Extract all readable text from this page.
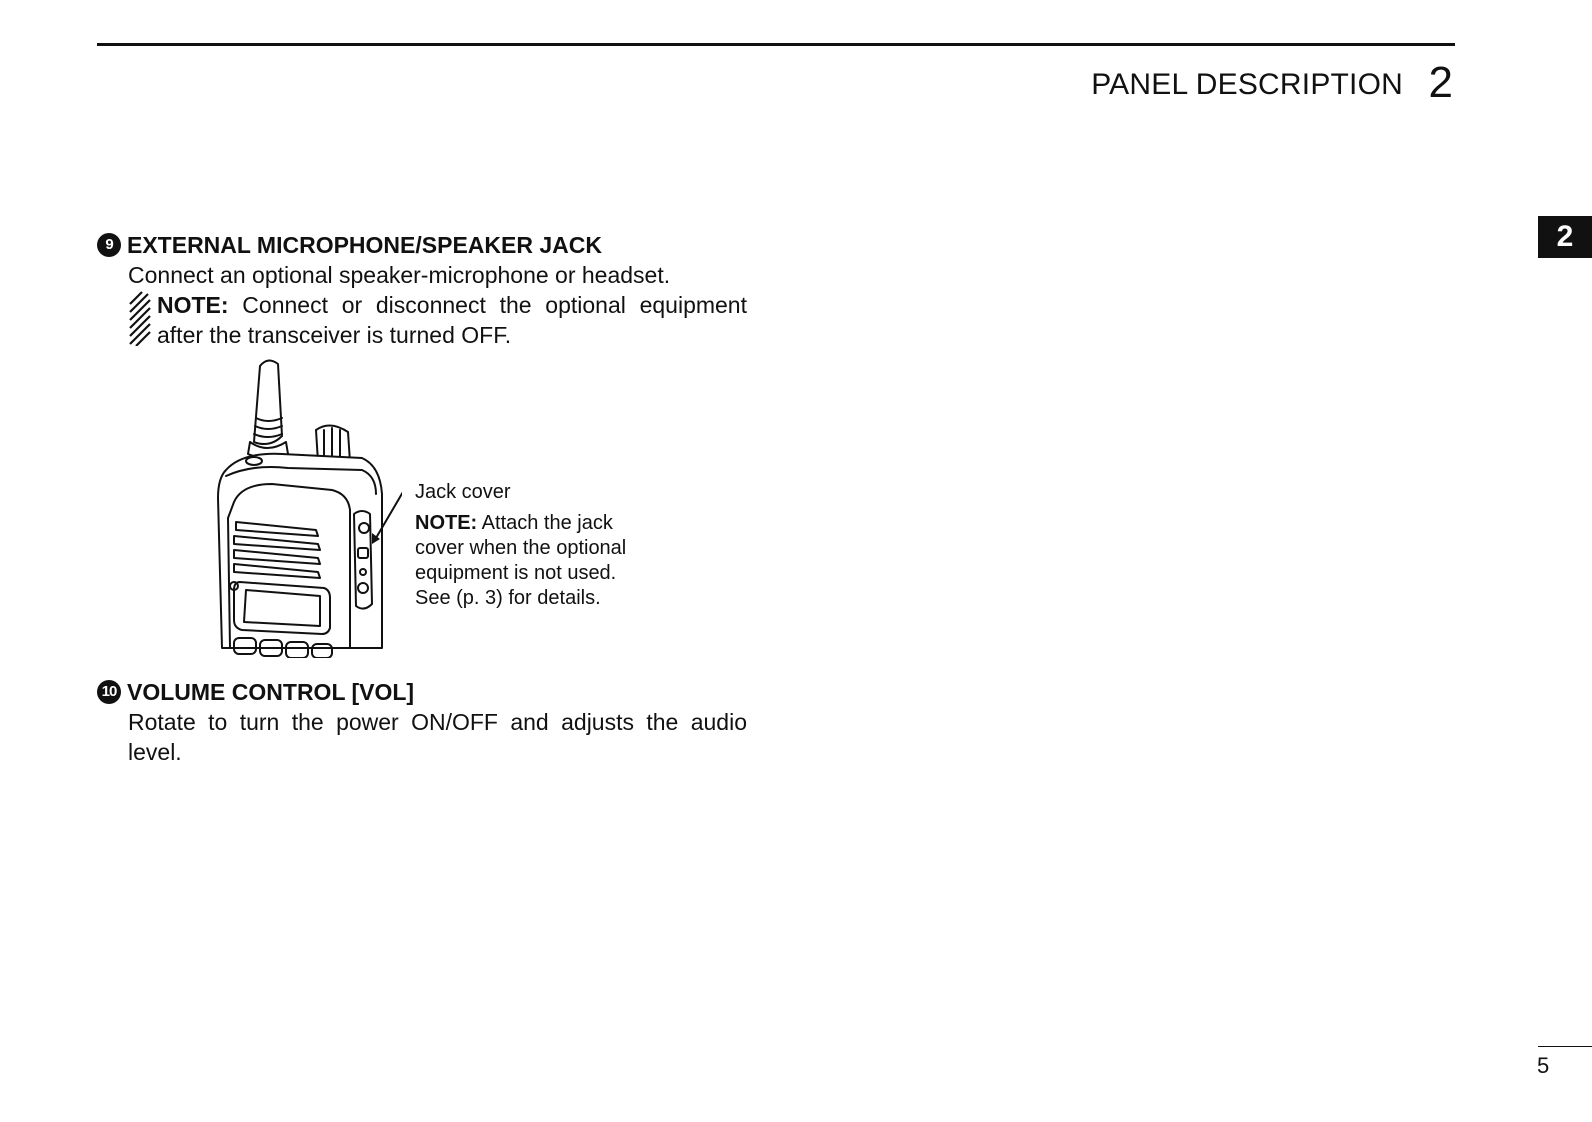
PANEL DESCRIPTION 2
2
9 EXTERNAL MICROPHONE/SPEAKER JACK
Connect an optional speaker-microphone or headset.
NOTE: Connect or disconnect the optional equipment after the transceiver is turned OFF.
Jack cover
NOTE: Attach the jack
cover when the optional
equipment is not used.
See (p. 3) for details.
10 VOLUME CONTROL [VOL]
Rotate to turn the power ON/OFF and adjusts the audio level.
5
